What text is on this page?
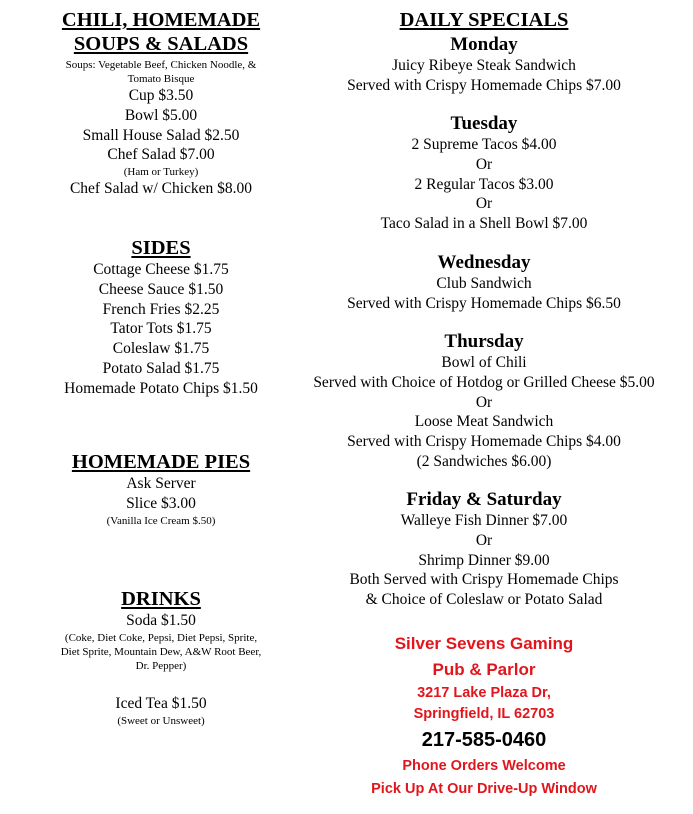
CHILI, HOMEMADE
SOUPS & SALADS
Soups: Vegetable Beef, Chicken Noodle, &
Tomato Bisque
Cup $3.50
Bowl $5.00
Small House Salad $2.50
Chef Salad $7.00
(Ham or Turkey)
Chef Salad w/ Chicken $8.00
SIDES
Cottage Cheese $1.75
Cheese Sauce $1.50
French Fries $2.25
Tator Tots $1.75
Coleslaw $1.75
Potato Salad $1.75
Homemade Potato Chips $1.50
HOMEMADE PIES
Ask Server
Slice $3.00
(Vanilla Ice Cream $.50)
DRINKS
Soda $1.50
(Coke, Diet Coke, Pepsi, Diet Pepsi, Sprite,
Diet Sprite, Mountain Dew, A&W Root Beer,
Dr. Pepper)
Iced Tea $1.50
(Sweet or Unsweet)
DAILY SPECIALS
Monday
Juicy Ribeye Steak Sandwich
Served with Crispy Homemade Chips $7.00
Tuesday
2 Supreme Tacos $4.00
Or
2 Regular Tacos $3.00
Or
Taco Salad in a Shell Bowl $7.00
Wednesday
Club Sandwich
Served with Crispy Homemade Chips $6.50
Thursday
Bowl of Chili
Served with Choice of Hotdog or Grilled Cheese $5.00
Or
Loose Meat Sandwich
Served with Crispy Homemade Chips $4.00
(2 Sandwiches $6.00)
Friday & Saturday
Walleye Fish Dinner $7.00
Or
Shrimp Dinner $9.00
Both Served with Crispy Homemade Chips
& Choice of Coleslaw or Potato Salad
Silver Sevens Gaming
Pub & Parlor
3217 Lake Plaza Dr,
Springfield, IL 62703
217-585-0460
Phone Orders Welcome
Pick Up At Our Drive-Up Window
